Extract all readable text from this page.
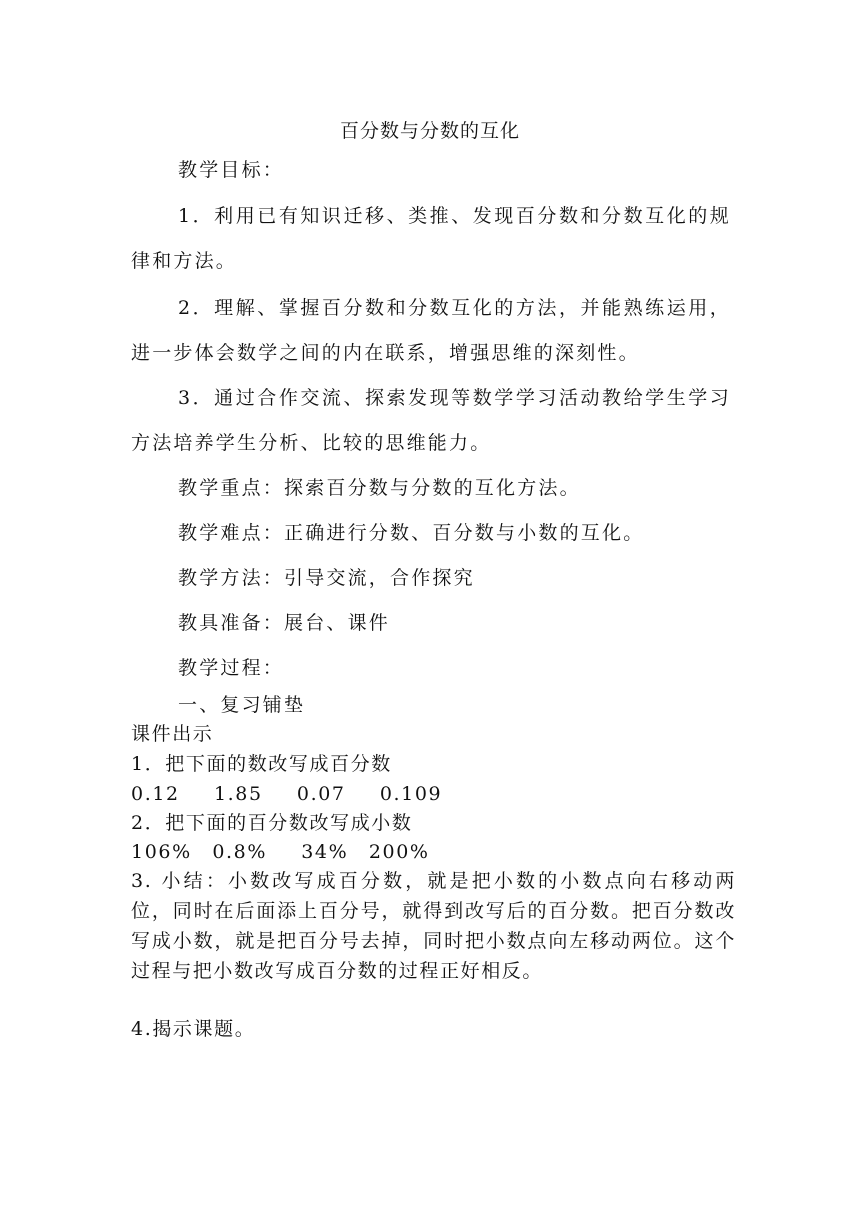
百分数与分数的互化
教学目标：
1．利用已有知识迁移、类推、发现百分数和分数互化的规律和方法。
2．理解、掌握百分数和分数互化的方法，并能熟练运用，进一步体会数学之间的内在联系，增强思维的深刻性。
3．通过合作交流、探索发现等数学学习活动教给学生学习方法培养学生分析、比较的思维能力。
教学重点：探索百分数与分数的互化方法。
教学难点：正确进行分数、百分数与小数的互化。
教学方法：引导交流，合作探究
教具准备：展台、课件
教学过程：
一、复习铺垫
课件出示
1．把下面的数改写成百分数
0.12　 1.85　 0.07　 0.109
2．把下面的百分数改写成小数
106%　0.8%　 34%　200%
3. 小结：小数改写成百分数，就是把小数的小数点向右移动两位，同时在后面添上百分号，就得到改写后的百分数。把百分数改写成小数，就是把百分号去掉，同时把小数点向左移动两位。这个过程与把小数改写成百分数的过程正好相反。
4.揭示课题。
